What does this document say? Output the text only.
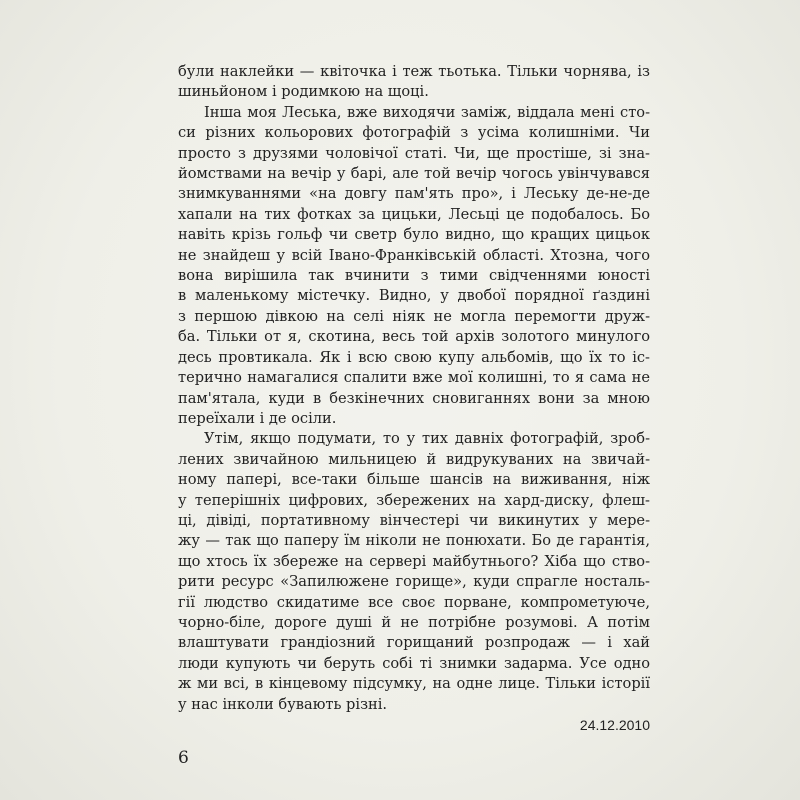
були наклейки — квіточка і теж тьотька. Тільки чорнява, із
шиньйоном і родимкою на щоці.
Інша моя Леська, вже виходячи заміж, віддала мені сто-
си різних кольорових фотографій з усіма колишніми. Чи
просто з друзями чоловічої статі. Чи, ще простіше, зі зна-
йомствами на вечір у барі, але той вечір чогось увінчувався
знимкуваннями «на довгу пам'ять про», і Леську де-не-де
хапали на тих фотках за цицьки, Лесьці це подобалось. Бо
навіть крізь гольф чи светр було видно, що кращих цицьок
не знайдеш у всій Івано-Франківській області. Хтозна, чого
вона вирішила так вчинити з тими свідченнями юності
в маленькому містечку. Видно, у двобої порядної ґаздині
з першою дівкою на селі ніяк не могла перемогти друж-
ба. Тільки от я, скотина, весь той архів золотого минулого
десь провтикала. Як і всю свою купу альбомів, що їх то іс-
терично намагалися спалити вже мої колишні, то я сама не
пам'ятала, куди в безкінечних сновиганнях вони за мною
переїхали і де осіли.
Утім, якщо подумати, то у тих давніх фотографій, зроб-
лених звичайною мильницею й видрукуваних на звичай-
ному папері, все-таки більше шансів на виживання, ніж
у теперішніх цифрових, збережених на хард-диску, флеш-
ці, дівіді, портативному вінчестері чи викинутих у мере-
жу — так що паперу їм ніколи не понюхати. Бо де гарантія,
що хтось їх збереже на сервері майбутнього? Хіба що ство-
рити ресурс «Запилюжене горище», куди спрагле носталь-
гії людство скидатиме все своє порване, компрометуюче,
чорно-біле, дороге душі й не потрібне розумові. А потім
влаштувати грандіозний горищаний розпродаж — і хай
люди купують чи беруть собі ті знимки задарма. Усе одно
ж ми всі, в кінцевому підсумку, на одне лице. Тільки історії
у нас інколи бувають різні.
24.12.2010
6
